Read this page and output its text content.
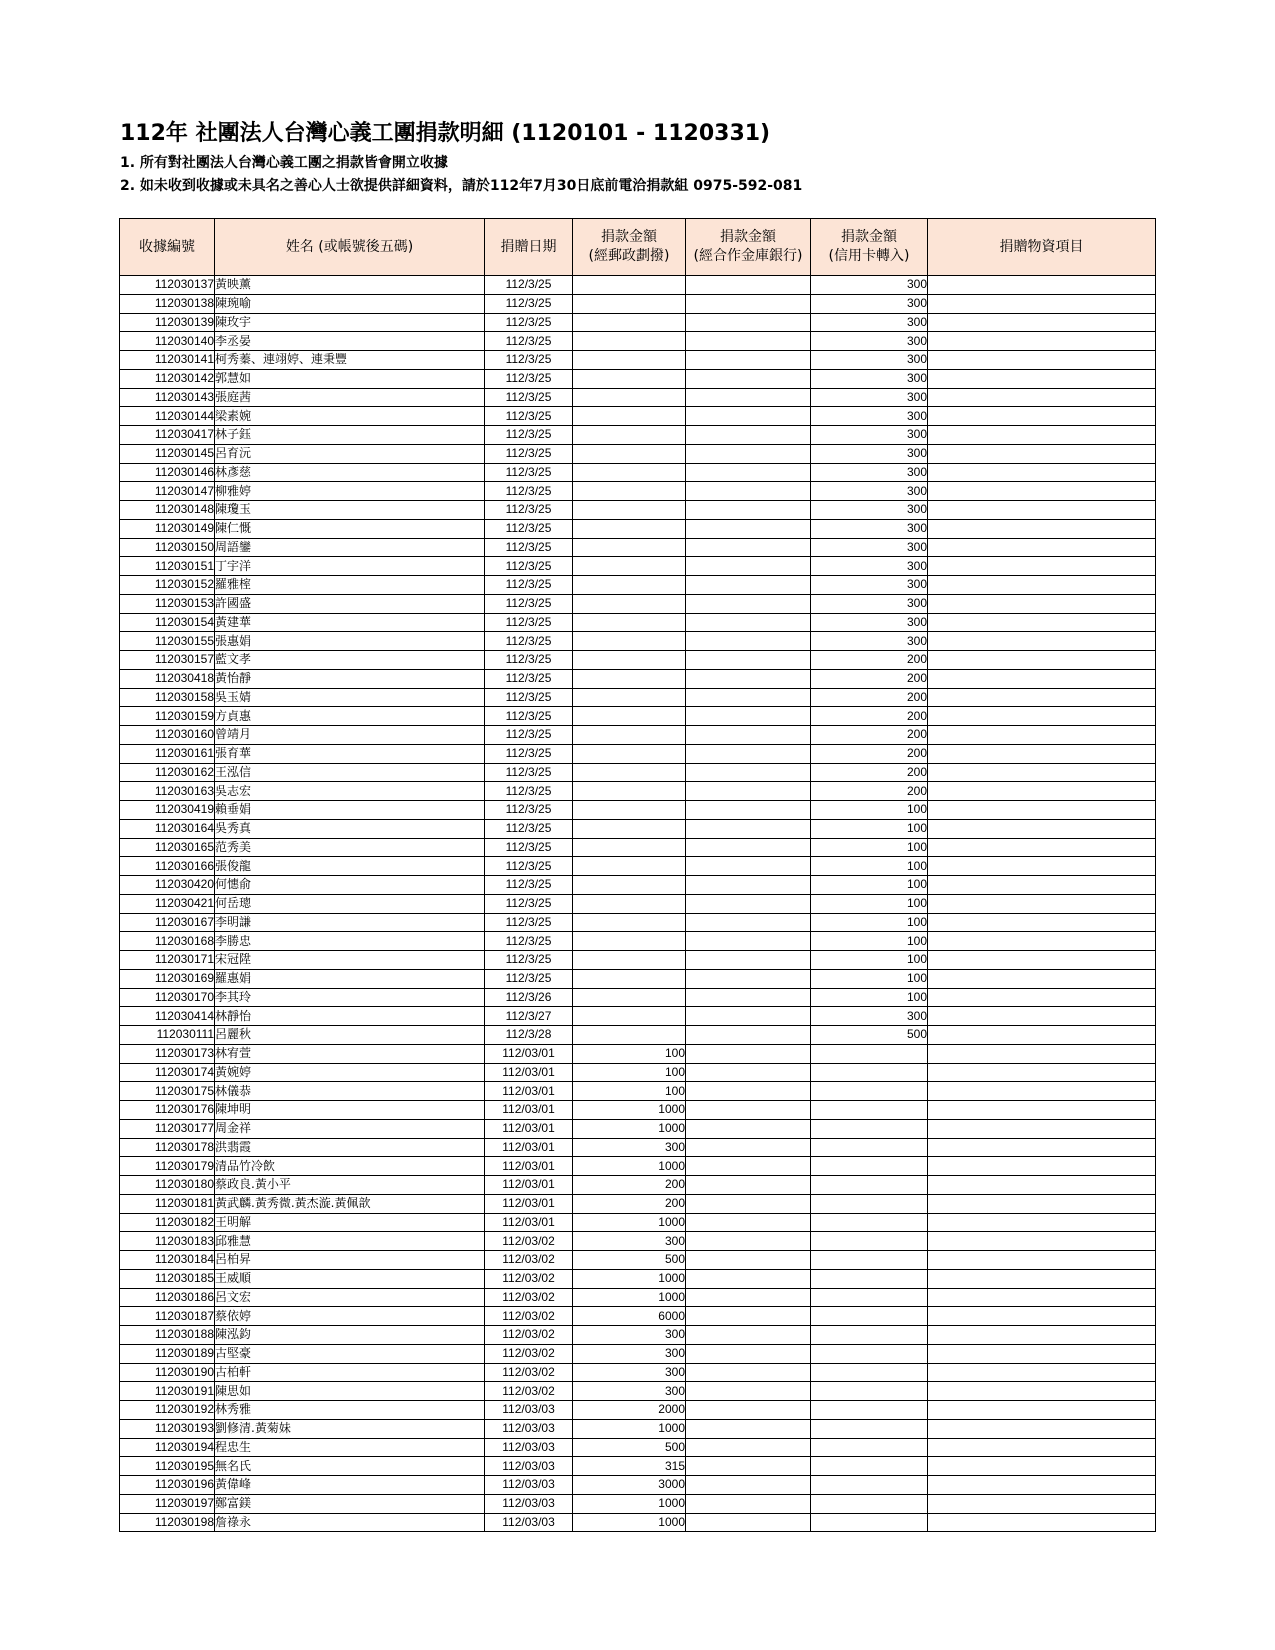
112年 社團法人台灣心義工團捐款明細 (1120101 - 1120331)
1. 所有對社團法人台灣心義工團之捐款皆會開立收據
2. 如未收到收據或未具名之善心人士欲提供詳細資料，請於112年7月30日底前電洽捐款組 0975-592-081
收據編號	姓名 (或帳號後五碼)	捐贈日期	捐款金額
(經郵政劃撥)	捐款金額
(經合作金庫銀行)	捐款金額
(信用卡轉入)	捐贈物資項目
112030137	黃映薰	112/3/25			300	
112030138	陳琬喻	112/3/25			300	
112030139	陳玫宇	112/3/25			300	
112030140	李丞晏	112/3/25			300	
112030141	柯秀蓁、連翊婷、連秉豐	112/3/25			300	
112030142	郭慧如	112/3/25			300	
112030143	張庭茜	112/3/25			300	
112030144	梁素婉	112/3/25			300	
112030417	林子鈺	112/3/25			300	
112030145	呂育沅	112/3/25			300	
112030146	林彥慈	112/3/25			300	
112030147	柳雅婷	112/3/25			300	
112030148	陳瓊玉	112/3/25			300	
112030149	陳仁慨	112/3/25			300	
112030150	周語鑾	112/3/25			300	
112030151	丁宇洋	112/3/25			300	
112030152	羅雅榁	112/3/25			300	
112030153	許國盛	112/3/25			300	
112030154	黃建華	112/3/25			300	
112030155	張惠娟	112/3/25			300	
112030157	藍文孝	112/3/25			200	
112030418	黃怡靜	112/3/25			200	
112030158	吳玉婧	112/3/25			200	
112030159	方貞惠	112/3/25			200	
112030160	曾靖月	112/3/25			200	
112030161	張育華	112/3/25			200	
112030162	王泓信	112/3/25			200	
112030163	吳志宏	112/3/25			200	
112030419	賴垂娟	112/3/25			100	
112030164	吳秀真	112/3/25			100	
112030165	范秀美	112/3/25			100	
112030166	張俊龍	112/3/25			100	
112030420	何憓俞	112/3/25			100	
112030421	何岳璁	112/3/25			100	
112030167	李明謙	112/3/25			100	
112030168	李勝忠	112/3/25			100	
112030171	宋冠陞	112/3/25			100	
112030169	羅惠娟	112/3/25			100	
112030170	李其玲	112/3/26			100	
112030414	林靜怡	112/3/27			300	
112030111	呂麗秋	112/3/28			500	
112030173	林宥萱	112/03/01	100			
112030174	黃婉婷	112/03/01	100			
112030175	林儀恭	112/03/01	100			
112030176	陳坤明	112/03/01	1000			
112030177	周金祥	112/03/01	1000			
112030178	洪翡霞	112/03/01	300			
112030179	清品竹冷飲	112/03/01	1000			
112030180	蔡政良.黃小平	112/03/01	200			
112030181	黃武麟.黃秀微.黃杰漩.黃佩歆	112/03/01	200			
112030182	王明解	112/03/01	1000			
112030183	邱雅慧	112/03/02	300			
112030184	呂柏昇	112/03/02	500			
112030185	王威順	112/03/02	1000			
112030186	呂文宏	112/03/02	1000			
112030187	蔡依婷	112/03/02	6000			
112030188	陳泓鈞	112/03/02	300			
112030189	古堅豪	112/03/02	300			
112030190	古柏軒	112/03/02	300			
112030191	陳思如	112/03/02	300			
112030192	林秀雅	112/03/03	2000			
112030193	劉修清.黃菊妹	112/03/03	1000			
112030194	程忠生	112/03/03	500			
112030195	無名氏	112/03/03	315			
112030196	黃偉峰	112/03/03	3000			
112030197	鄭富鎂	112/03/03	1000			
112030198	詹祿永	112/03/03	1000			
